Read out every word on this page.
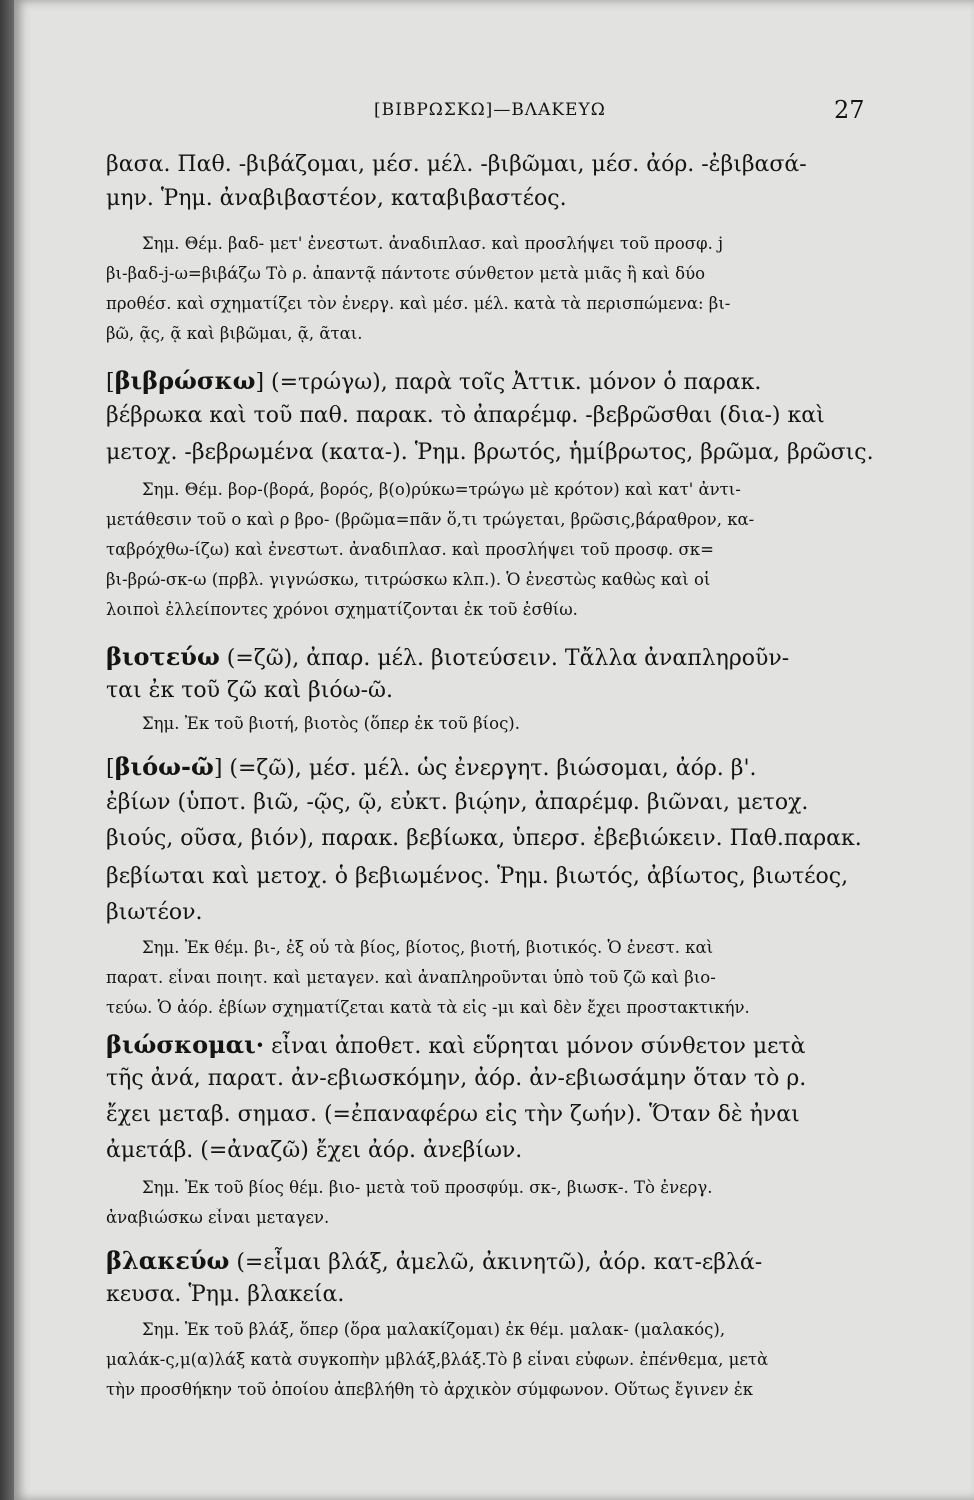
[ΒΙΒΡΩΣΚΩ]—ΒΛΑΚΕΥΩ	27
βασα. Παθ. -βιβάζομαι, μέσ. μέλ. -βιβῶμαι, μέσ. ἀόρ. -ἐβιβασά-
μην. Ῥημ. ἀναβιβαστέον, καταβιβαστέος.
Σημ. Θέμ. βαδ- μετ' ἐνεστωτ. ἀναδιπλασ. καὶ προσλήψει τοῦ προσφ. j
βι-βαδ-j-ω=βιβάζω Τὸ ρ. ἀπαντᾷ πάντοτε σύνθετον μετὰ μιᾶς ἢ καὶ δύο
προθέσ. καὶ σχηματίζει τὸν ἐνεργ. καὶ μέσ. μέλ. κατὰ τὰ περισπώμενα: βι-
βῶ, ᾷς, ᾷ καὶ βιβῶμαι, ᾷ, ᾶται.
[βιβρώσκω] (=τρώγω), παρὰ τοῖς Ἀττικ. μόνον ὁ παρακ.
βέβρωκα καὶ τοῦ παθ. παρακ. τὸ ἀπαρέμφ. -βεβρῶσθαι (δια-) καὶ
μετοχ. -βεβρωμένα (κατα-). Ῥημ. βρωτός, ἡμίβρωτος, βρῶμα, βρῶσις.
Σημ. Θέμ. βορ-(βορά, βορός, β(ο)ρύκω=τρώγω μὲ κρότον) καὶ κατ' ἀντι-
μετάθεσιν τοῦ ο καὶ ρ βρο- (βρῶμα=πᾶν ὅ,τι τρώγεται, βρῶσις,βάραθρον, κα-
ταβρόχθω-ίζω) καὶ ἐνεστωτ. ἀναδιπλασ. καὶ προσλήψει τοῦ προσφ. σκ=
βι-βρώ-σκ-ω (πρβλ. γιγνώσκω, τιτρώσκω κλπ.). Ὁ ἐνεστὼς καθὼς καὶ οἱ
λοιποὶ ἐλλείποντες χρόνοι σχηματίζονται ἐκ τοῦ ἐσθίω.
βιοτεύω (=ζῶ), ἀπαρ. μέλ. βιοτεύσειν. Τἄλλα ἀναπληροῦν-
ται ἐκ τοῦ ζῶ καὶ βιόω-ῶ.
Σημ. Ἐκ τοῦ βιοτή, βιοτὸς (ὅπερ ἐκ τοῦ βίος).
[βιόω-ῶ] (=ζῶ), μέσ. μέλ. ὡς ἐνεργητ. βιώσομαι, ἀόρ. β'.
ἐβίων (ὑποτ. βιῶ, -ῷς, ῷ, εὐκτ. βιῴην, ἀπαρέμφ. βιῶναι, μετοχ.
βιούς, οῦσα, βιόν), παρακ. βεβίωκα, ὑπερσ. ἐβεβιώκειν. Παθ.παρακ.
βεβίωται καὶ μετοχ. ὁ βεβιωμένος. Ῥημ. βιωτός, ἀβίωτος, βιωτέος,
βιωτέον.
Σημ. Ἐκ θέμ. βι-, ἐξ οὗ τὰ βίος, βίοτος, βιοτή, βιοτικός. Ὁ ἐνεστ. καὶ
παρατ. εἶναι ποιητ. καὶ μεταγεν. καὶ ἀναπληροῦνται ὑπὸ τοῦ ζῶ καὶ βιο-
τεύω. Ὁ ἀόρ. ἐβίων σχηματίζεται κατὰ τὰ εἰς -μι καὶ δὲν ἔχει προστακτικήν.
βιώσκομαι· εἶναι ἀποθετ. καὶ εὕρηται μόνον σύνθετον μετὰ
τῆς ἀνά, παρατ. ἀν-εβιωσκόμην, ἀόρ. ἀν-εβιωσάμην ὅταν τὸ ρ.
ἔχει μεταβ. σημασ. (=ἐπαναφέρω εἰς τὴν ζωήν). Ὅταν δὲ ἦναι
ἀμετάβ. (=ἀναζῶ) ἔχει ἀόρ. ἀνεβίων.
Σημ. Ἐκ τοῦ βίος θέμ. βιο- μετὰ τοῦ προσφύμ. σκ-, βιωσκ-. Τὸ ἐνεργ.
ἀναβιώσκω εἶναι μεταγεν.
βλακεύω (=εἶμαι βλάξ, ἀμελῶ, ἀκινητῶ), ἀόρ. κατ-εβλά-
κευσα. Ῥημ. βλακεία.
Σημ. Ἐκ τοῦ βλάξ, ὅπερ (ὅρα μαλακίζομαι) ἐκ θέμ. μαλακ- (μαλακός),
μαλάκ-ς,μ(α)λάξ κατὰ συγκοπὴν μβλάξ,βλάξ.Τὸ β εἶναι εὐφων. ἐπένθεμα, μετὰ
τὴν προσθήκην τοῦ ὁποίου ἀπεβλήθη τὸ ἀρχικὸν σύμφωνον. Οὕτως ἔγινεν ἐκ
